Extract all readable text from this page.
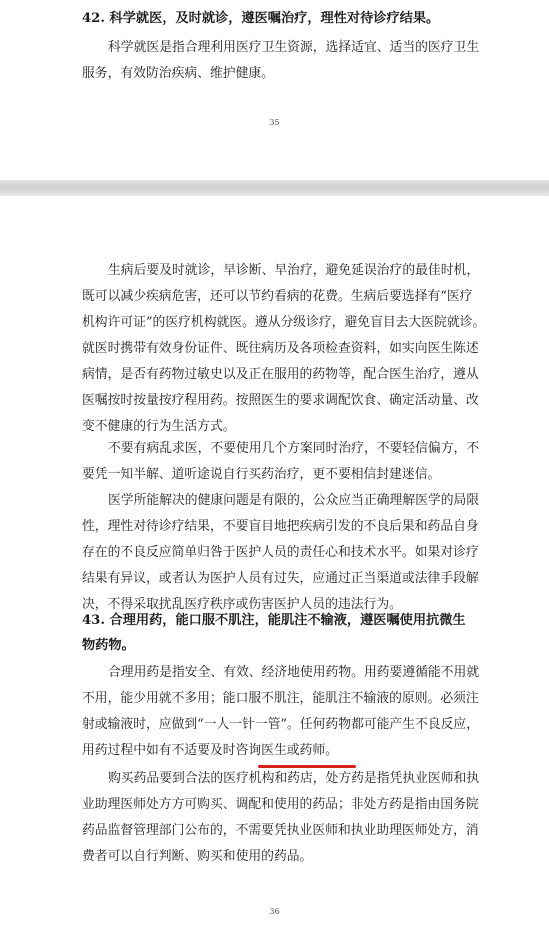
42. 科学就医，及时就诊，遵医嘱治疗，理性对待诊疗结果。

科学就医是指合理利用医疗卫生资源，选择适宜、适当的医疗卫生
服务，有效防治疾病、维护健康。

35

生病后要及时就诊，早诊断、早治疗，避免延误治疗的最佳时机，
既可以减少疾病危害，还可以节约看病的花费。生病后要选择有“医疗
机构许可证”的医疗机构就医。遵从分级诊疗，避免盲目去大医院就诊。
就医时携带有效身份证件、既往病历及各项检查资料，如实向医生陈述
病情，是否有药物过敏史以及正在服用的药物等，配合医生治疗，遵从
医嘱按时按量按疗程用药。按照医生的要求调配饮食、确定活动量、改
变不健康的行为生活方式。
不要有病乱求医，不要使用几个方案同时治疗，不要轻信偏方，不
要凭一知半解、道听途说自行买药治疗，更不要相信封建迷信。
医学所能解决的健康问题是有限的，公众应当正确理解医学的局限
性，理性对待诊疗结果，不要盲目地把疾病引发的不良后果和药品自身
存在的不良反应简单归咎于医护人员的责任心和技术水平。如果对诊疗
结果有异议，或者认为医护人员有过失，应通过正当渠道或法律手段解
决，不得采取扰乱医疗秩序或伤害医护人员的违法行为。

43. 合理用药，能口服不肌注，能肌注不输液，遵医嘱使用抗微生

物药物。

合理用药是指安全、有效、经济地使用药物。用药要遵循能不用就
不用，能少用就不多用；能口服不肌注，能肌注不输液的原则。必须注
射或输液时，应做到“一人一针一管”。任何药物都可能产生不良反应，
用药过程中如有不适要及时咨询医生或药师。
购买药品要到合法的医疗机构和药店，处方药是指凭执业医师和执
业助理医师处方方可购买、调配和使用的药品；非处方药是指由国务院
药品监督管理部门公布的，不需要凭执业医师和执业助理医师处方，消
费者可以自行判断、购买和使用的药品。

36
